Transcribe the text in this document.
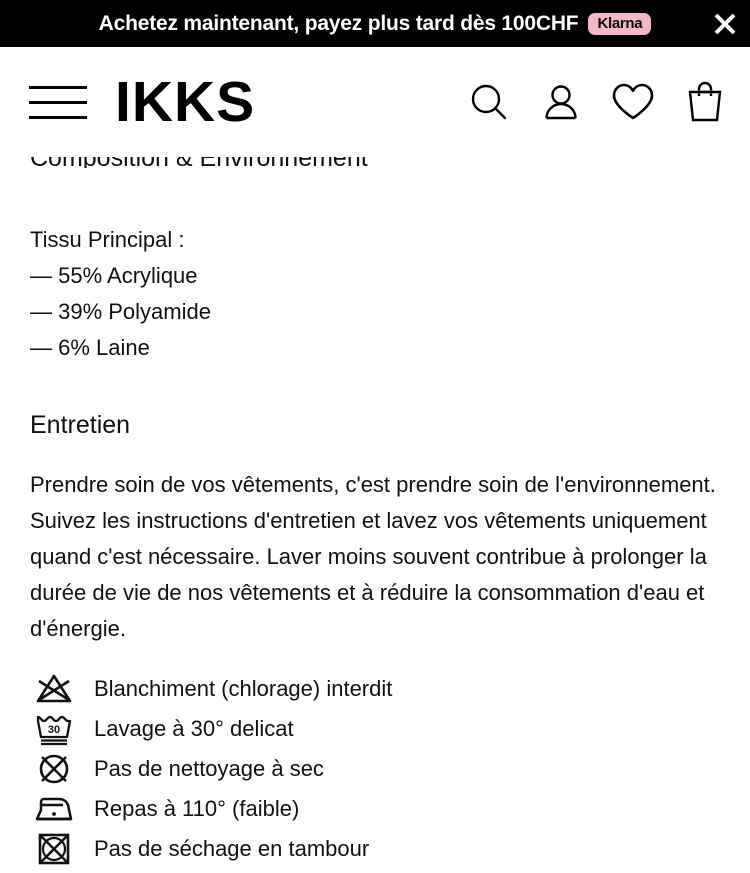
Achetez maintenant, payez plus tard dès 100CHF	Klarna
IKKS
Tissu Principal :
— 55% Acrylique
— 39% Polyamide
— 6% Laine
Entretien

Prendre soin de vos vêtements, c'est prendre soin de l'environnement. Suivez les instructions d'entretien et lavez vos vêtements uniquement quand c'est nécessaire. Laver moins souvent contribue à prolonger la durée de vie de nos vêtements et à réduire la consommation d'eau et d'énergie.

Blanchiment (chlorage) interdit
30 Lavage à 30° delicat
Pas de nettoyage à sec
Repas à 110° (faible)
Pas de séchage en tambour
